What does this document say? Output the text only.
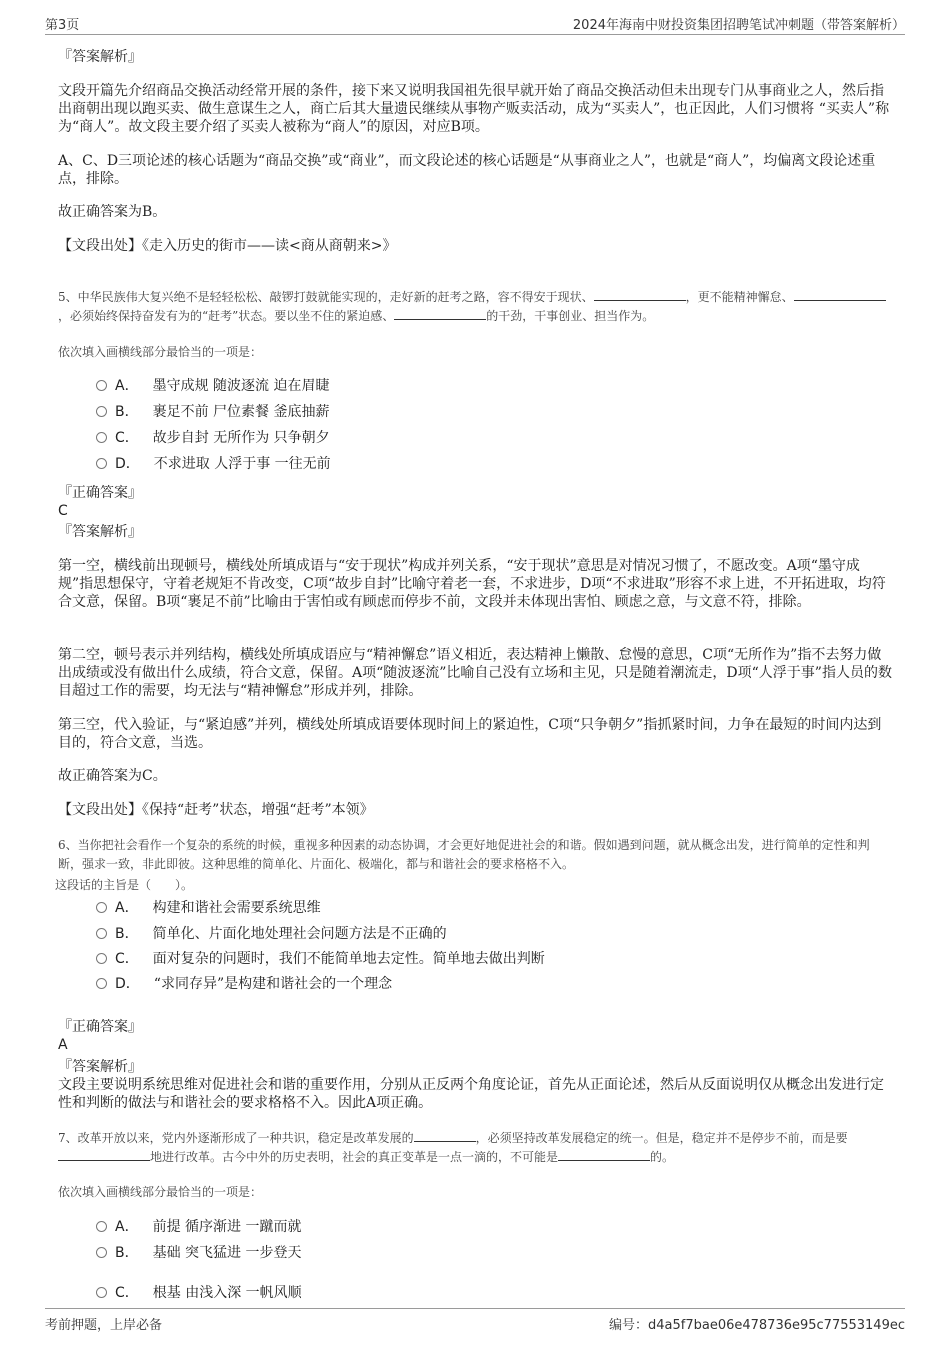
第3页	2024年海南中财投资集团招聘笔试冲刺题（带答案解析）
『答案解析』

文段开篇先介绍商品交换活动经常开展的条件，接下来又说明我国祖先很早就开始了商品交换活动但未出现专门从事商业之人，然后指出商朝出现以跑买卖、做生意谋生之人，商亡后其大量遗民继续从事物产贩卖活动，成为“买卖人”，也正因此，人们习惯将 “买卖人”称为“商人”。故文段主要介绍了买卖人被称为“商人”的原因，对应B项。

A、C、D三项论述的核心话题为“商品交换”或“商业”，而文段论述的核心话题是“从事商业之人”，也就是“商人”，均偏离文段论述重点，排除。

故正确答案为B。

【文段出处】《走入历史的街市——读<商从商朝来>》

5、中华民族伟大复兴绝不是轻轻松松、敲锣打鼓就能实现的，走好新的赶考之路，容不得安于现状、	，更不能精神懈怠、，必须始终保持奋发有为的“赶考”状态。要以坐不住的紧迫感、	的干劲，干事创业、担当作为。

依次填入画横线部分最恰当的一项是：

A． 墨守成规 随波逐流 迫在眉睫
B． 裹足不前 尸位素餐 釜底抽薪
C． 故步自封 无所作为 只争朝夕
D． 不求进取 人浮于事 一往无前
『正确答案』
C
『答案解析』

第一空，横线前出现顿号，横线处所填成语与“安于现状”构成并列关系，“安于现状”意思是对情况习惯了，不愿改变。A项“墨守成规”指思想保守，守着老规矩不肯改变，C项“故步自封”比喻守着老一套，不求进步，D项“不求进取”形容不求上进，不开拓进取，均符合文意，保留。B项“裹足不前”比喻由于害怕或有顾虑而停步不前，文段并未体现出害怕、顾虑之意，与文意不符，排除。

第二空，顿号表示并列结构，横线处所填成语应与“精神懈怠”语义相近，表达精神上懒散、怠慢的意思，C项“无所作为”指不去努力做出成绩或没有做出什么成绩，符合文意，保留。A项“随波逐流”比喻自己没有立场和主见，只是随着潮流走，D项“人浮于事”指人员的数目超过工作的需要，均无法与“精神懈怠”形成并列，排除。

第三空，代入验证，与“紧迫感”并列，横线处所填成语要体现时间上的紧迫性，C项“只争朝夕”指抓紧时间，力争在最短的时间内达到目的，符合文意，当选。

故正确答案为C。

【文段出处】《保持“赶考”状态，增强“赶考”本领》

6、当你把社会看作一个复杂的系统的时候，重视多种因素的动态协调，才会更好地促进社会的和谐。假如遇到问题，就从概念出发，进行简单的定性和判断，强求一致，非此即彼。这种思维的简单化、片面化、极端化，都与和谐社会的要求格格不入。

这段话的主旨是（　　）。

A． 构建和谐社会需要系统思维
B． 简单化、片面化地处理社会问题方法是不正确的
C． 面对复杂的问题时，我们不能简单地去定性。简单地去做出判断
D． “求同存异”是构建和谐社会的一个理念
『正确答案』
A
『答案解析』

文段主要说明系统思维对促进社会和谐的重要作用，分别从正反两个角度论证，首先从正面论述，然后从反面说明仅从概念出发进行定性和判断的做法与和谐社会的要求格格不入。因此A项正确。

7、改革开放以来，党内外逐渐形成了一种共识，稳定是改革发展的	，必须坚持改革发展稳定的统一。但是，稳定并不是停步不前，而是要地进行改革。古今中外的历史表明，社会的真正变革是一点一滴的，不可能是	的。

依次填入画横线部分最恰当的一项是：

A． 前提 循序渐进 一蹴而就
B． 基础 突飞猛进 一步登天
C． 根基 由浅入深 一帆风顺
考前押题，上岸必备	编号：d4a5f7bae06e478736e95c77553149ec
